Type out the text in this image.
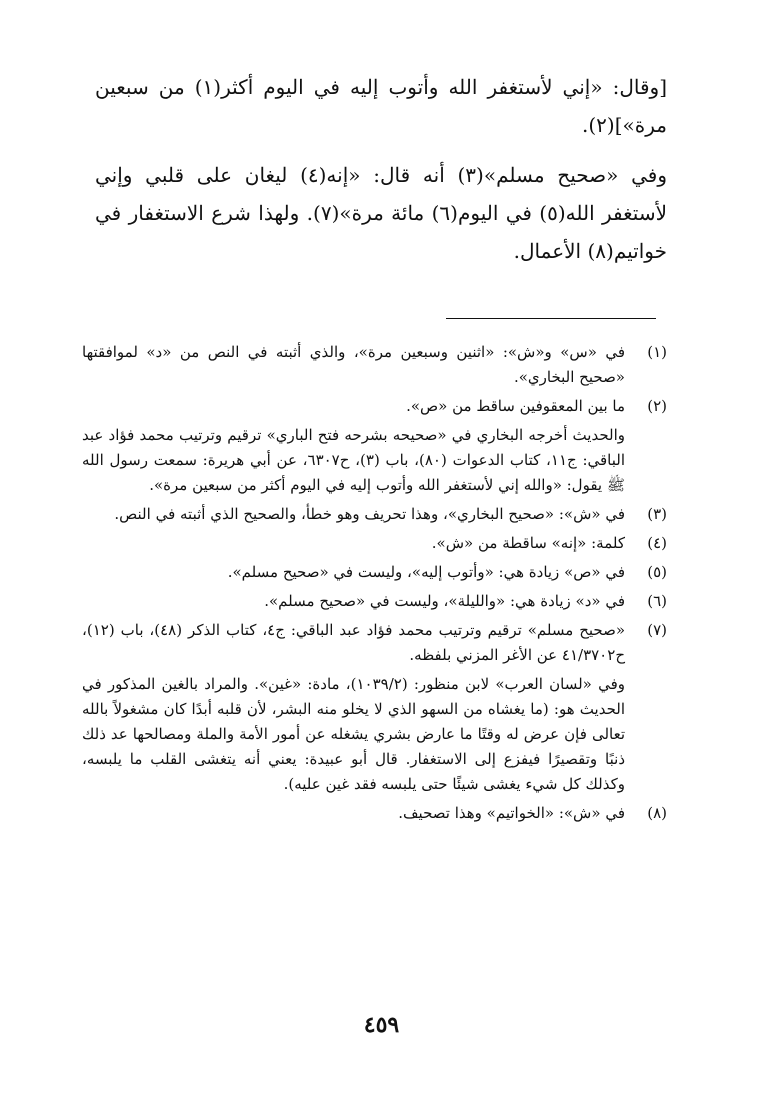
[وقال: «إني لأستغفر الله وأتوب إليه في اليوم أكثر(١) من سبعين مرة»](٢).

وفي «صحيح مسلم»(٣) أنه قال: «إنه(٤) ليغان على قلبي وإني لأستغفر الله(٥) في اليوم(٦) مائة مرة»(٧). ولهذا شرع الاستغفار في خواتيم(٨) الأعمال.

(١)
في «س» و«ش»: «اثنين وسبعين مرة»، والذي أثبته في النص من «د» لموافقتها «صحيح البخاري».
(٢)
ما بين المعقوفين ساقط من «ص».
والحديث أخرجه البخاري في «صحيحه بشرحه فتح الباري» ترقيم وترتيب محمد فؤاد عبد الباقي: ج١١، كتاب الدعوات (٨٠)، باب (٣)، ح٦٣٠٧، عن أبي هريرة: سمعت رسول الله ﷺ يقول: «والله إني لأستغفر الله وأتوب إليه في اليوم أكثر من سبعين مرة».
(٣)
في «ش»: «صحيح البخاري»، وهذا تحريف وهو خطأ، والصحيح الذي أثبته في النص.
(٤)
كلمة: «إنه» ساقطة من «ش».
(٥)
في «ص» زيادة هي: «وأتوب إليه»، وليست في «صحيح مسلم».
(٦)
في «د» زيادة هي: «والليلة»، وليست في «صحيح مسلم».
(٧)
«صحيح مسلم» ترقيم وترتيب محمد فؤاد عبد الباقي: ج٤، كتاب الذكر (٤٨)، باب (١٢)، ح٤١/٣٧٠٢ عن الأغر المزني بلفظه.
وفي «لسان العرب» لابن منظور: (١٠٣٩/٢)، مادة: «غين». والمراد بالغين المذكور في الحديث هو: (ما يغشاه من السهو الذي لا يخلو منه البشر، لأن قلبه أبدًا كان مشغولاً بالله تعالى فإن عرض له وقتًا ما عارض بشري يشغله عن أمور الأمة والملة ومصالحها عد ذلك ذنبًا وتقصيرًا فيفزع إلى الاستغفار. قال أبو عبيدة: يعني أنه يتغشى القلب ما يلبسه، وكذلك كل شيء يغشى شيئًا حتى يلبسه فقد غين عليه).
(٨)
في «ش»: «الخواتيم» وهذا تصحيف.
٤٥٩
